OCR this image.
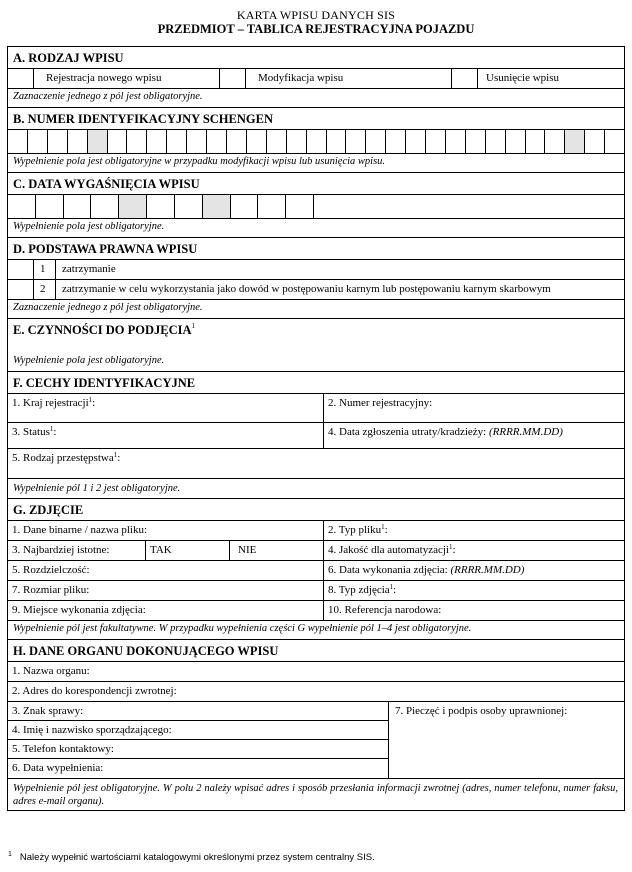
KARTA WPISU DANYCH SIS
PRZEDMIOT – TABLICA REJESTRACYJNA POJAZDU
A. RODZAJ WPISU
Rejestracja nowego wpisu	Modyfikacja wpisu	Usunięcie wpisu
Zaznaczenie jednego z pól jest obligatoryjne.
B. NUMER IDENTYFIKACYJNY SCHENGEN
Wypełnienie pola jest obligatoryjne w przypadku modyfikacji wpisu lub usunięcia wpisu.
C. DATA WYGAŚNIĘCIA WPISU
Wypełnienie pola jest obligatoryjne.
D. PODSTAWA PRAWNA WPISU
1	zatrzymanie
2	zatrzymanie w celu wykorzystania jako dowód w postępowaniu karnym lub postępowaniu karnym skarbowym
Zaznaczenie jednego z pól jest obligatoryjne.
E. CZYNNOŚCI DO PODJĘCIA$^1$
Wypełnienie pola jest obligatoryjne.
F. CECHY IDENTYFIKACYJNE
1. Kraj rejestracji$^1$:	2. Numer rejestracyjny:
3. Status$^1$:	4. Data zgłoszenia utraty/kradzieży: (RRRR.MM.DD)
5. Rodzaj przestępstwa$^1$:
Wypełnienie pól 1 i 2 jest obligatoryjne.
G. ZDJĘCIE
1. Dane binarne / nazwa pliku:	2. Typ pliku$^1$:
3. Najbardziej istotne:	TAK	NIE	4. Jakość dla automatyzacji$^1$:
5. Rozdzielczość:	6. Data wykonania zdjęcia: (RRRR.MM.DD)
7. Rozmiar pliku:	8. Typ zdjęcia$^1$:
9. Miejsce wykonania zdjęcia:	10. Referencja narodowa:
Wypełnienie pól jest fakultatywne. W przypadku wypełnienia części G wypełnienie pól 1–4 jest obligatoryjne.
H. DANE ORGANU DOKONUJĄCEGO WPISU
1. Nazwa organu:
2. Adres do korespondencji zwrotnej:
3. Znak sprawy:
4. Imię i nazwisko sporządzającego:
5. Telefon kontaktowy:
6. Data wypełnienia:
7. Pieczęć i podpis osoby uprawnionej:
Wypełnienie pól jest obligatoryjne. W polu 2 należy wpisać adres i sposób przesłania informacji zwrotnej (adres, numer telefonu, numer faksu, adres e-mail organu).
$^1$ Należy wypełnić wartościami katalogowymi określonymi przez system centralny SIS.
